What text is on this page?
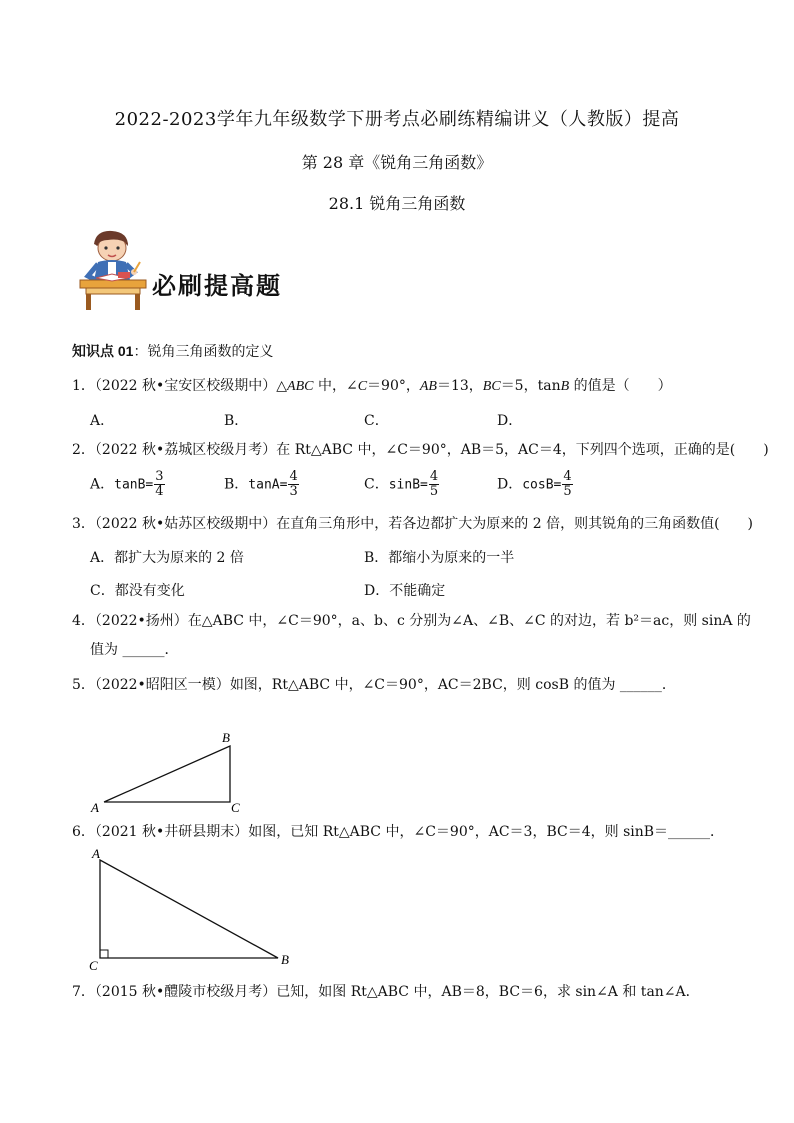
2022-2023学年九年级数学下册考点必刷练精编讲义（人教版）提高
第 28 章《锐角三角函数》
28.1 锐角三角函数
必刷提高题
知识点 01：锐角三角函数的定义
1．（2022 秋•宝安区校级期中）△ABC 中，∠C＝90°，AB＝13，BC＝5，tanB 的值是（　　）
A．	B．	C．	D．
2．（2022 秋•荔城区校级月考）在 Rt△ABC 中，∠C＝90°，AB＝5，AC＝4，下列四个选项，正确的是(　　)
A．$\tan B= \frac{3}{4}$	B．$\tan A= \frac{4}{3}$	C．$\sin B= \frac{4}{5}$	D．$\cos B= \frac{4}{5}$
3．（2022 秋•姑苏区校级期中）在直角三角形中，若各边都扩大为原来的 2 倍，则其锐角的三角函数值(　　)
A．都扩大为原来的 2 倍	B．都缩小为原来的一半
C．都没有变化	D．不能确定
4．（2022•扬州）在△ABC 中，∠C＝90°，a、b、c 分别为∠A、∠B、∠C 的对边，若 b²＝ac，则 sinA 的
值为 ______．
5．（2022•昭阳区一模）如图，Rt△ABC 中，∠C＝90°，AC＝2BC，则 cosB 的值为 ______．
A
B
C
6．（2021 秋•井研县期末）如图，已知 Rt△ABC 中，∠C＝90°，AC＝3，BC＝4，则 sinB＝______．
A
B
C
7．（2015 秋•醴陵市校级月考）已知，如图 Rt△ABC 中，AB＝8，BC＝6，求 sin∠A 和 tan∠A．
